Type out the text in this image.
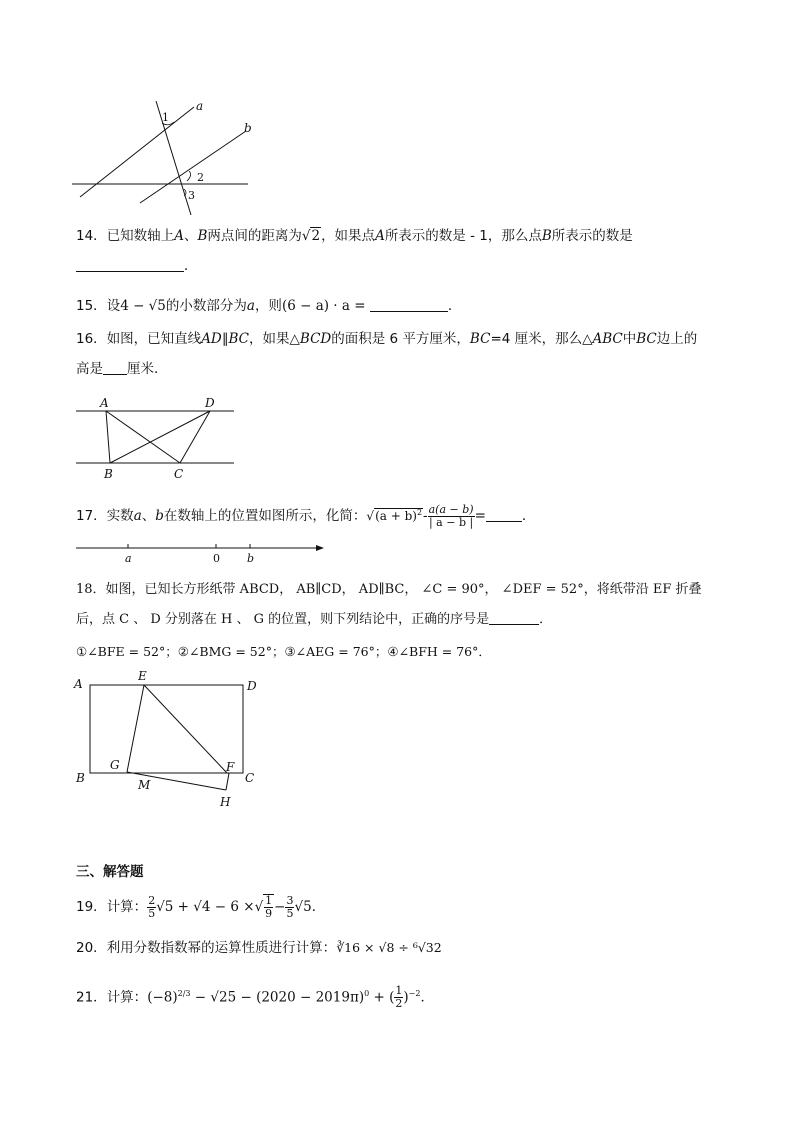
a
b
1
2
3
14．已知数轴上A、B两点间的距离为√2，如果点A所表示的数是 - 1，那么点B所表示的数是
．
15．设4 − √5的小数部分为a，则(6 − a) · a =	．
16．如图，已知直线AD∥BC，如果△BCD的面积是 6 平方厘米，BC=4 厘米，那么△ABC中BC边上的
高是 厘米．
A	D
B	C
17．实数a、b在数轴上的位置如图所示，化简：$√(a + b)^2- \frac{a(a - b)}{| a - b |}$ =	．
a	0 b
18．如图，已知长方形纸带 ABCD， AB∥CD， AD∥BC， ∠C = 90°， ∠DEF = 52°，将纸带沿 EF 折叠
后，点 C 、 D 分别落在 H 、 G 的位置，则下列结论中，正确的序号是	．
①∠BFE = 52°；②∠BMG = 52°；③∠AEG = 76°；④∠BFH = 76°．
A
E
D
G	F
B	M	C
H
三、解答题
19．计算： $\frac{2}{5} √5 + √4 - 6$ ×√ $\frac{1}{9} - \frac{3}{5} √5$．
20．利用分数指数幂的运算性质进行计算：∛16 × √8 ÷ ⁶√32
21．计算：$(-8)^{2/3} - √25 - (2020 - 2019\pi)^0$ + ( $\frac{1}{2} )^{-2}$．
